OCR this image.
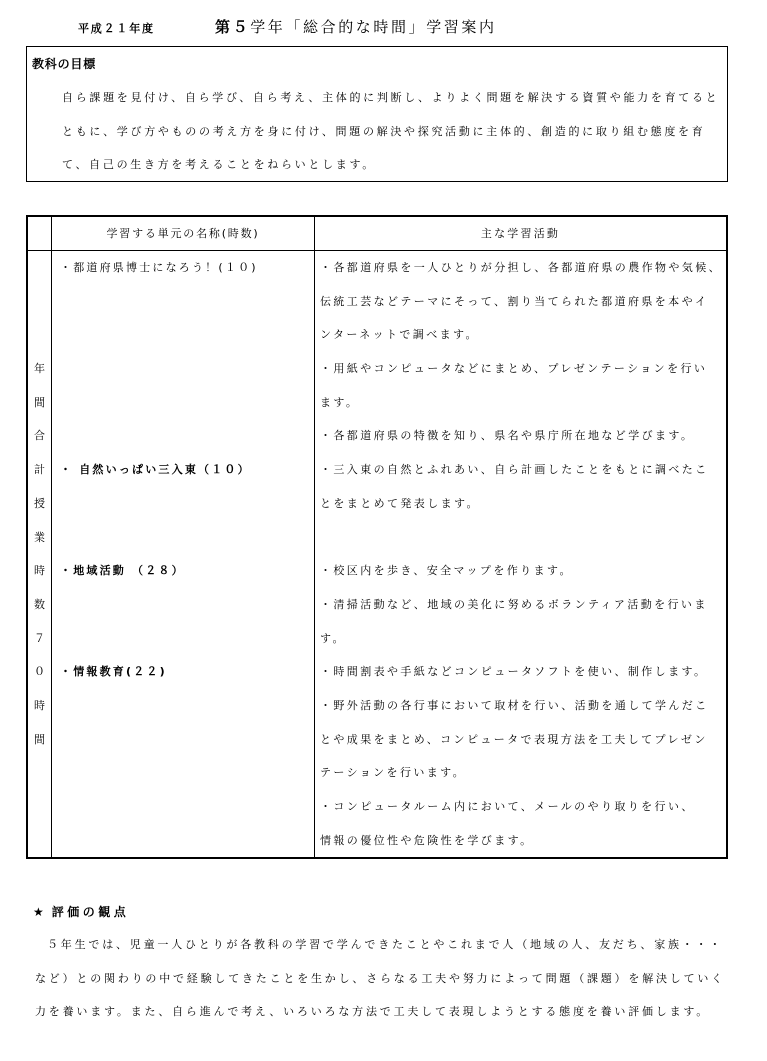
平成２１年度	第５学年「総合的な時間」学習案内
教科の目標
自ら課題を見付け、自ら学び、自ら考え、主体的に判断し、よりよく問題を解決する資質や能力を育てると
ともに、学び方やものの考え方を身に付け、問題の解決や探究活動に主体的、創造的に取り組む態度を育
て、自己の生き方を考えることをねらいとします。
学習する単元の名称(時数)	主な学習活動
年
間
合
計
授
業
時
数
７
０
時
間
・都道府県博士になろう！(１０)	・各都道府県を一人ひとりが分担し、各都道府県の農作物や気候、
伝統工芸などテーマにそって、割り当てられた都道府県を本やイ
ンターネットで調べます。
・用紙やコンピュータなどにまとめ、プレゼンテーションを行い
ます。
・各都道府県の特徴を知り、県名や県庁所在地など学びます。
・ 自然いっぱい三入東（１０）	・三入東の自然とふれあい、自ら計画したことをもとに調べたこ
とをまとめて発表します。
・地域活動 （２８）	・校区内を歩き、安全マップを作ります。
・清掃活動など、地域の美化に努めるボランティア活動を行いま
す。
・情報教育(２２)	・時間割表や手紙などコンピュータソフトを使い、制作します。
・野外活動の各行事において取材を行い、活動を通して学んだこ
とや成果をまとめ、コンピュータで表現方法を工夫してプレゼン
テーションを行います。
・コンピュータルーム内において、メールのやり取りを行い、
情報の優位性や危険性を学びます。
★ 評価の観点
５年生では、児童一人ひとりが各教科の学習で学んできたことやこれまで人（地域の人、友だち、家族・・・
など）との関わりの中で経験してきたことを生かし、さらなる工夫や努力によって問題（課題）を解決していく
力を養います。また、自ら進んで考え、いろいろな方法で工夫して表現しようとする態度を養い評価します。
